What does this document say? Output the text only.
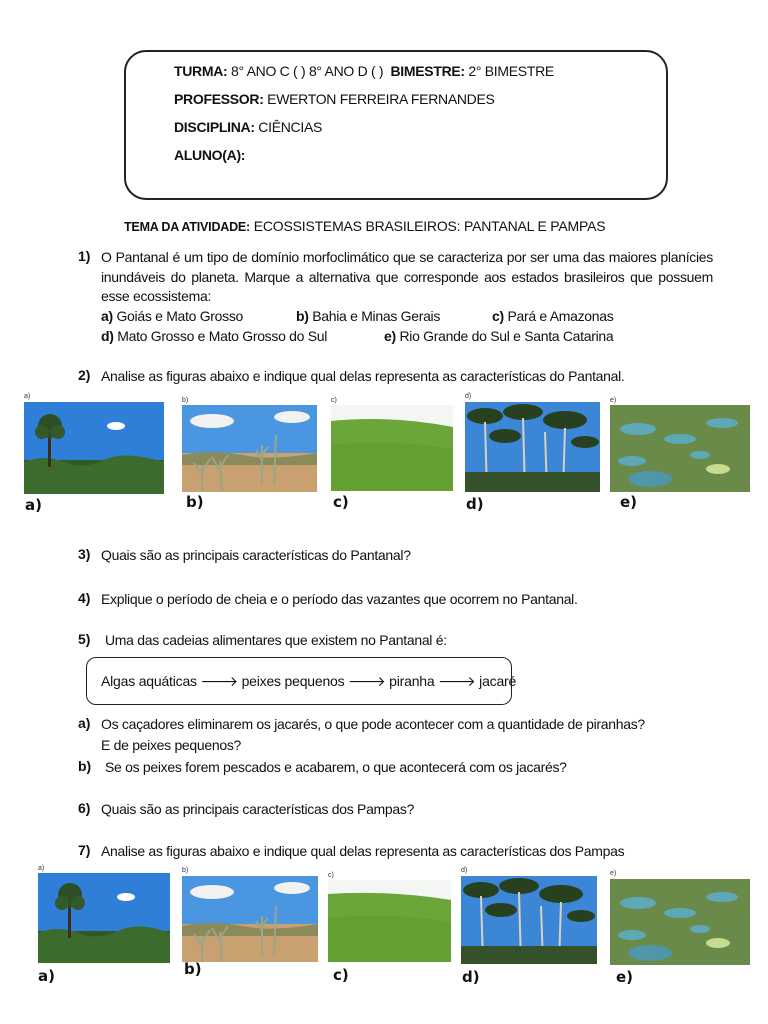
TURMA: 8° ANO C ( ) 8° ANO D ( ) BIMESTRE: 2° BIMESTRE
PROFESSOR: EWERTON FERREIRA FERNANDES
DISCIPLINA: CIÊNCIAS
ALUNO(A):
TEMA DA ATIVIDADE: ECOSSISTEMAS BRASILEIROS: PANTANAL E PAMPAS
1) O Pantanal é um tipo de domínio morfoclimático que se caracteriza por ser uma das maiores planícies inundáveis do planeta. Marque a alternativa que corresponde aos estados brasileiros que possuem esse ecossistema:
a) Goiás e Mato Grosso	b) Bahia e Minas Gerais	c) Pará e Amazonas
d) Mato Grosso e Mato Grosso do Sul	e) Rio Grande do Sul e Santa Catarina
2) Analise as figuras abaixo e indique qual delas representa as características do Pantanal.
a)
b)	c)
d)
e)
a)	b)	c)	d)	e)
3) Quais são as principais características do Pantanal?
4) Explique o período de cheia e o período das vazantes que ocorrem no Pantanal.
5) Uma das cadeias alimentares que existem no Pantanal é:
Algas aquáticas 🡒 peixes pequenos 🡒 piranha 🡒 jacaré
a) Os caçadores eliminarem os jacarés, o que pode acontecer com a quantidade de piranhas?
E de peixes pequenos?
b) Se os peixes forem pescados e acabarem, o que acontecerá com os jacarés?
6) Quais são as principais características dos Pampas?
7) Analise as figuras abaixo e indique qual delas representa as características dos Pampas
a)	b)
c)
d)	e)
a)	b)	c)	d)	e)
